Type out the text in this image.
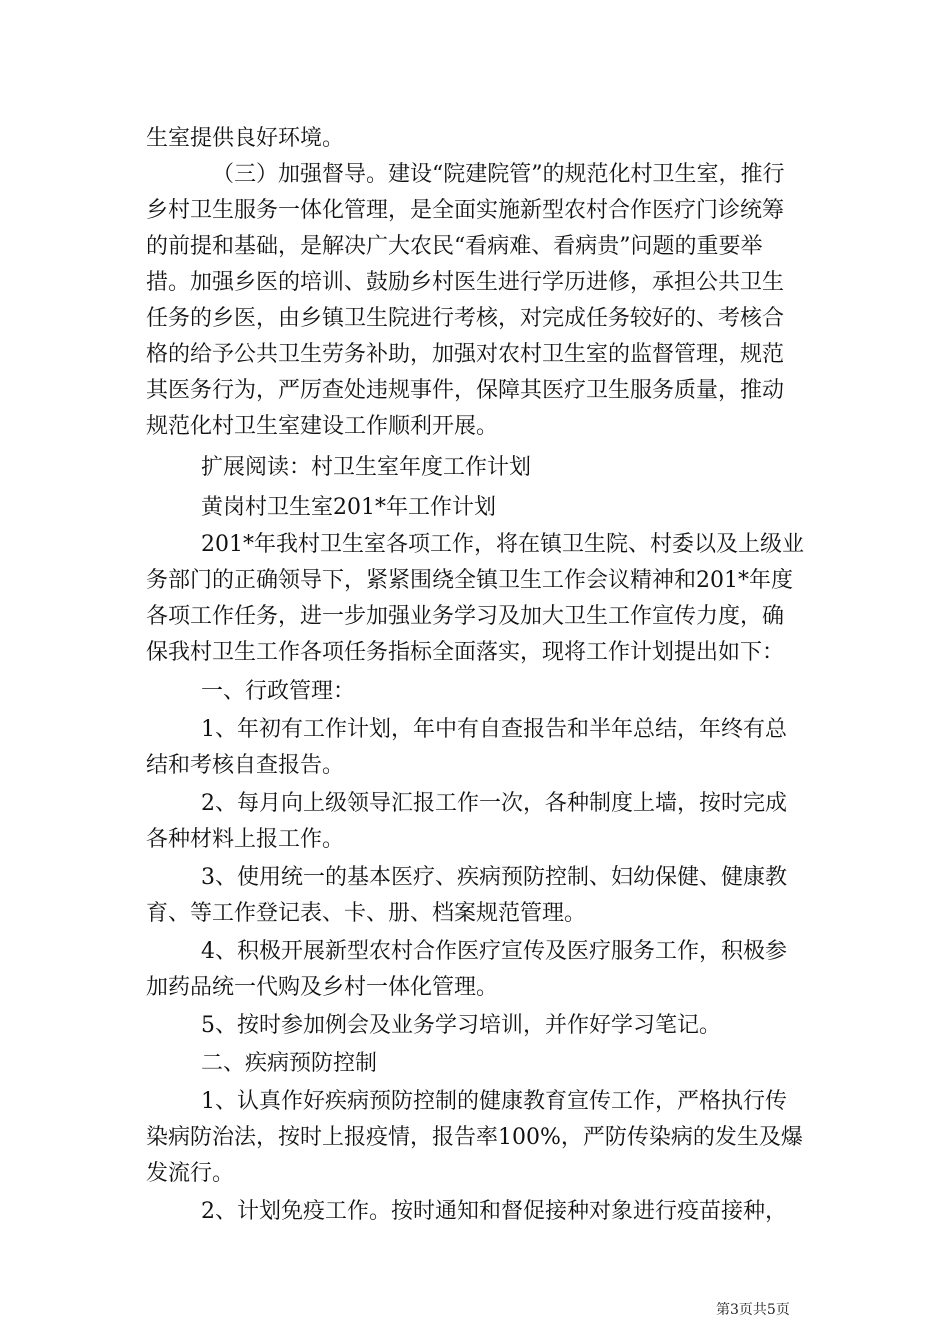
生室提供良好环境。
（三）加强督导。建设“院建院管”的规范化村卫生室，推行
乡村卫生服务一体化管理，是全面实施新型农村合作医疗门诊统筹
的前提和基础，是解决广大农民“看病难、看病贵”问题的重要举
措。加强乡医的培训、鼓励乡村医生进行学历进修，承担公共卫生
任务的乡医，由乡镇卫生院进行考核，对完成任务较好的、考核合
格的给予公共卫生劳务补助，加强对农村卫生室的监督管理，规范
其医务行为，严厉查处违规事件，保障其医疗卫生服务质量，推动
规范化村卫生室建设工作顺利开展。
扩展阅读：村卫生室年度工作计划
黄岗村卫生室201*年工作计划
201*年我村卫生室各项工作，将在镇卫生院、村委以及上级业
务部门的正确领导下，紧紧围绕全镇卫生工作会议精神和201*年度
各项工作任务，进一步加强业务学习及加大卫生工作宣传力度，确
保我村卫生工作各项任务指标全面落实，现将工作计划提出如下：
一、行政管理：
1、年初有工作计划，年中有自查报告和半年总结，年终有总
结和考核自查报告。
2、每月向上级领导汇报工作一次，各种制度上墙，按时完成
各种材料上报工作。
3、使用统一的基本医疗、疾病预防控制、妇幼保健、健康教
育、等工作登记表、卡、册、档案规范管理。
4、积极开展新型农村合作医疗宣传及医疗服务工作，积极参
加药品统一代购及乡村一体化管理。
5、按时参加例会及业务学习培训，并作好学习笔记。
二、疾病预防控制
1、认真作好疾病预防控制的健康教育宣传工作，严格执行传
染病防治法，按时上报疫情，报告率100%，严防传染病的发生及爆
发流行。
2、计划免疫工作。按时通知和督促接种对象进行疫苗接种，
第3页共5页
